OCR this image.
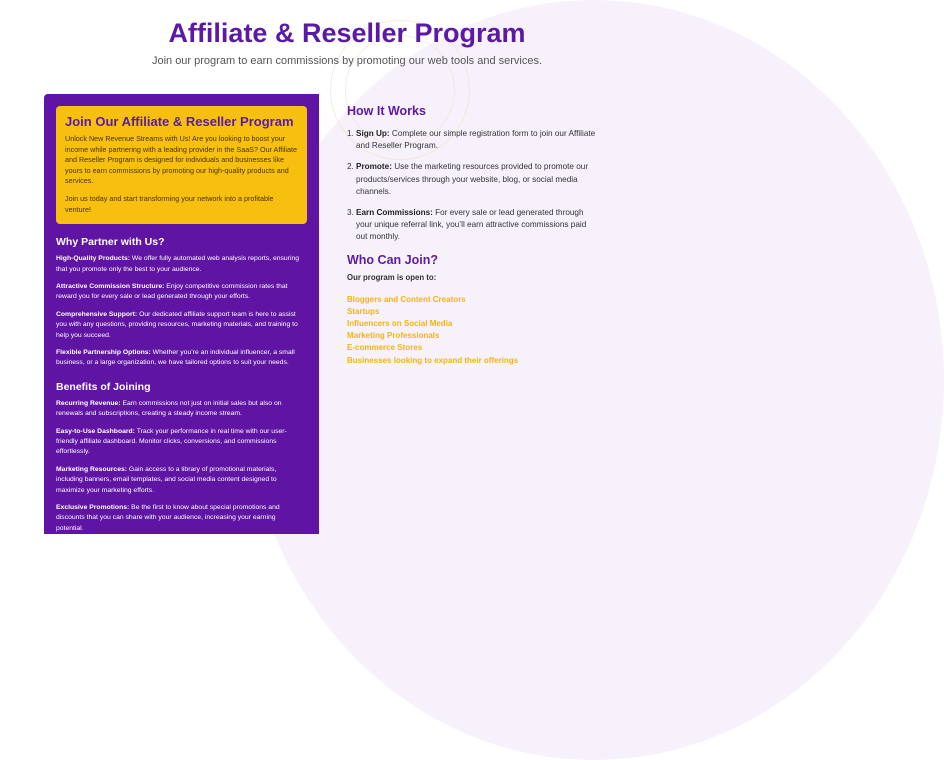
Affiliate & Reseller Program

Join our program to earn commissions by promoting our web tools and services.

Join Our Affiliate & Reseller Program

Unlock New Revenue Streams with Us! Are you looking to boost your income while partnering with a leading provider in the SaaS? Our Affiliate and Reseller Program is designed for individuals and businesses like yours to earn commissions by promoting our high-quality products and services.

Join us today and start transforming your network into a profitable venture!

Why Partner with Us?
High-Quality Products: We offer fully automated web analysis reports, ensuring that you promote only the best to your audience.
Attractive Commission Structure: Enjoy competitive commission rates that reward you for every sale or lead generated through your efforts.
Comprehensive Support: Our dedicated affiliate support team is here to assist you with any questions, providing resources, marketing materials, and training to help you succeed.
Flexible Partnership Options: Whether you’re an individual influencer, a small business, or a large organization, we have tailored options to suit your needs.
Benefits of Joining
Recurring Revenue: Earn commissions not just on initial sales but also on renewals and subscriptions, creating a steady income stream.
Easy-to-Use Dashboard: Track your performance in real time with our user-friendly affiliate dashboard. Monitor clicks, conversions, and commissions effortlessly.
Marketing Resources: Gain access to a library of promotional materials, including banners, email templates, and social media content designed to maximize your marketing efforts.
Exclusive Promotions: Be the first to know about special promotions and discounts that you can share with your audience, increasing your earning potential.
How It Works
1. Sign Up: Complete our simple registration form to join our Affiliate and Reseller Program.
2. Promote: Use the marketing resources provided to promote our products/services through your website, blog, or social media channels.
3. Earn Commissions: For every sale or lead generated through your unique referral link, you’ll earn attractive commissions paid out monthly.
Who Can Join?
Our program is open to:
Bloggers and Content Creators
Startups
Influencers on Social Media
Marketing Professionals
E-commerce Stores
Businesses looking to expand their offerings
